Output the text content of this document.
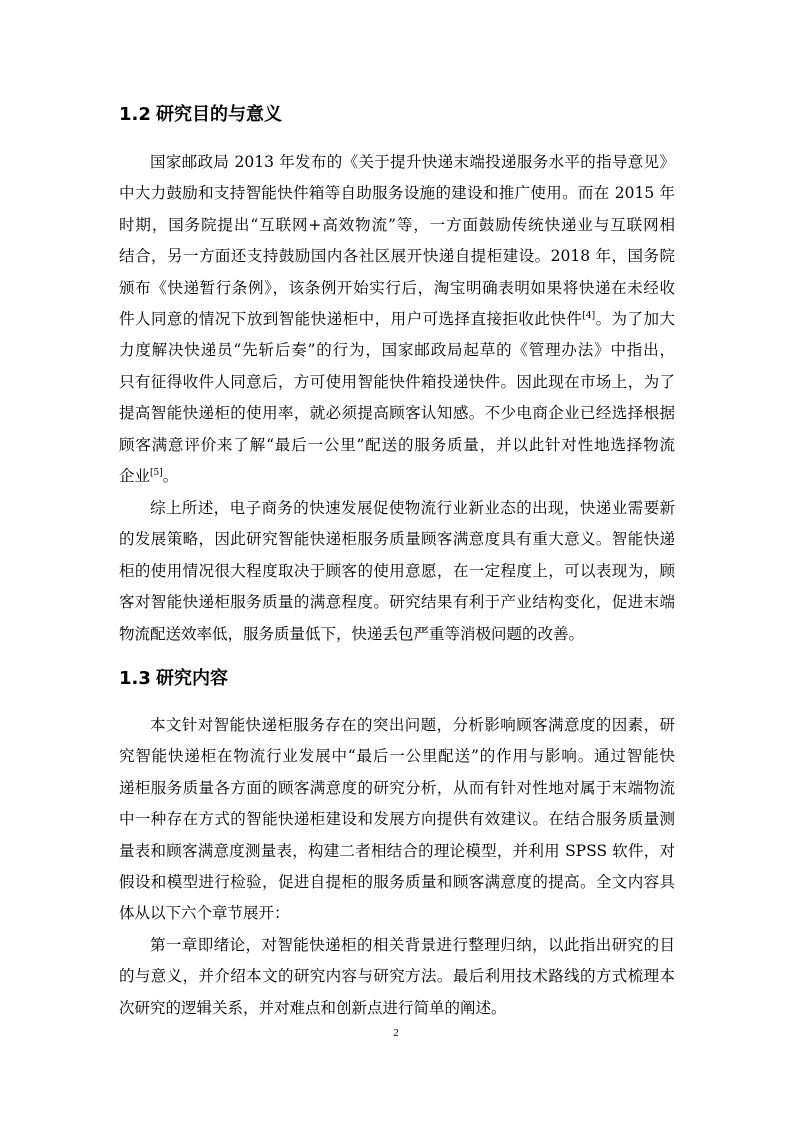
1.2 研究目的与意义
国家邮政局 2013 年发布的《关于提升快递末端投递服务水平的指导意见》
中大力鼓励和支持智能快件箱等自助服务设施的建设和推广使用。而在 2015 年
时期，国务院提出“互联网+高效物流”等，一方面鼓励传统快递业与互联网相
结合，另一方面还支持鼓励国内各社区展开快递自提柜建设。2018 年，国务院
颁布《快递暂行条例》，该条例开始实行后，淘宝明确表明如果将快递在未经收
件人同意的情况下放到智能快递柜中，用户可选择直接拒收此快件[4]。为了加大
力度解决快递员“先斩后奏”的行为，国家邮政局起草的《管理办法》中指出，
只有征得收件人同意后，方可使用智能快件箱投递快件。因此现在市场上，为了
提高智能快递柜的使用率，就必须提高顾客认知感。不少电商企业已经选择根据
顾客满意评价来了解“最后一公里”配送的服务质量，并以此针对性地选择物流
企业[5]。
综上所述，电子商务的快速发展促使物流行业新业态的出现，快递业需要新
的发展策略，因此研究智能快递柜服务质量顾客满意度具有重大意义。智能快递
柜的使用情况很大程度取决于顾客的使用意愿，在一定程度上，可以表现为，顾
客对智能快递柜服务质量的满意程度。研究结果有利于产业结构变化，促进末端
物流配送效率低，服务质量低下，快递丢包严重等消极问题的改善。
1.3 研究内容
本文针对智能快递柜服务存在的突出问题，分析影响顾客满意度的因素，研
究智能快递柜在物流行业发展中“最后一公里配送”的作用与影响。通过智能快
递柜服务质量各方面的顾客满意度的研究分析，从而有针对性地对属于末端物流
中一种存在方式的智能快递柜建设和发展方向提供有效建议。在结合服务质量测
量表和顾客满意度测量表，构建二者相结合的理论模型，并利用 SPSS 软件，对
假设和模型进行检验，促进自提柜的服务质量和顾客满意度的提高。全文内容具
体从以下六个章节展开：
第一章即绪论，对智能快递柜的相关背景进行整理归纳，以此指出研究的目
的与意义，并介绍本文的研究内容与研究方法。最后利用技术路线的方式梳理本
次研究的逻辑关系，并对难点和创新点进行简单的阐述。
2
